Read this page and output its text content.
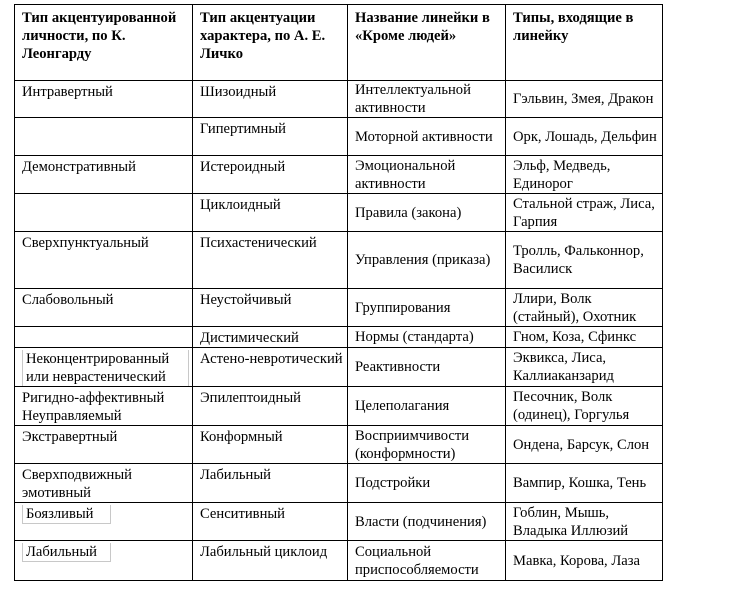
Тип акцентуированной личности, по К. Леонгарду	Тип акцентуации характера, по А. Е. Личко	Название линейки в «Кроме людей»	Типы, входящие в линейку
Интравертный	Шизоидный	Интеллектуальной активности	Гэльвин, Змея, Дракон
	Гипертимный	Моторной активности	Орк, Лошадь, Дельфин
Демонстративный	Истероидный	Эмоциональной активности	Эльф, Медведь, Единорог
	Циклоидный	Правила (закона)	Стальной страж, Лиса, Гарпия
Сверхпунктуальный	Психастенический	Управления (приказа)	Тролль, Фальконнор, Василиск
Слабовольный	Неустойчивый	Группирования	Ллири, Волк (стайный), Охотник
	Дистимический	Нормы (стандарта)	Гном, Коза, Сфинкс
Неконцентрированный или неврастенический	Астено-невротический	Реактивности	Эквикса, Лиса, Каллиаканзарид
Ригидно-аффективный Неуправляемый	Эпилептоидный	Целеполагания	Песочник, Волк (одинец), Горгулья
Экстравертный	Конформный	Восприимчивости (конформности)	Ондена, Барсук, Слон
Сверхподвижный эмотивный	Лабильный	Подстройки	Вампир, Кошка, Тень
Боязливый	Сенситивный	Власти (подчинения)	Гоблин, Мышь, Владыка Иллюзий
Лабильный	Лабильный циклоид	Социальной приспособляемости	Мавка, Корова, Лаза
